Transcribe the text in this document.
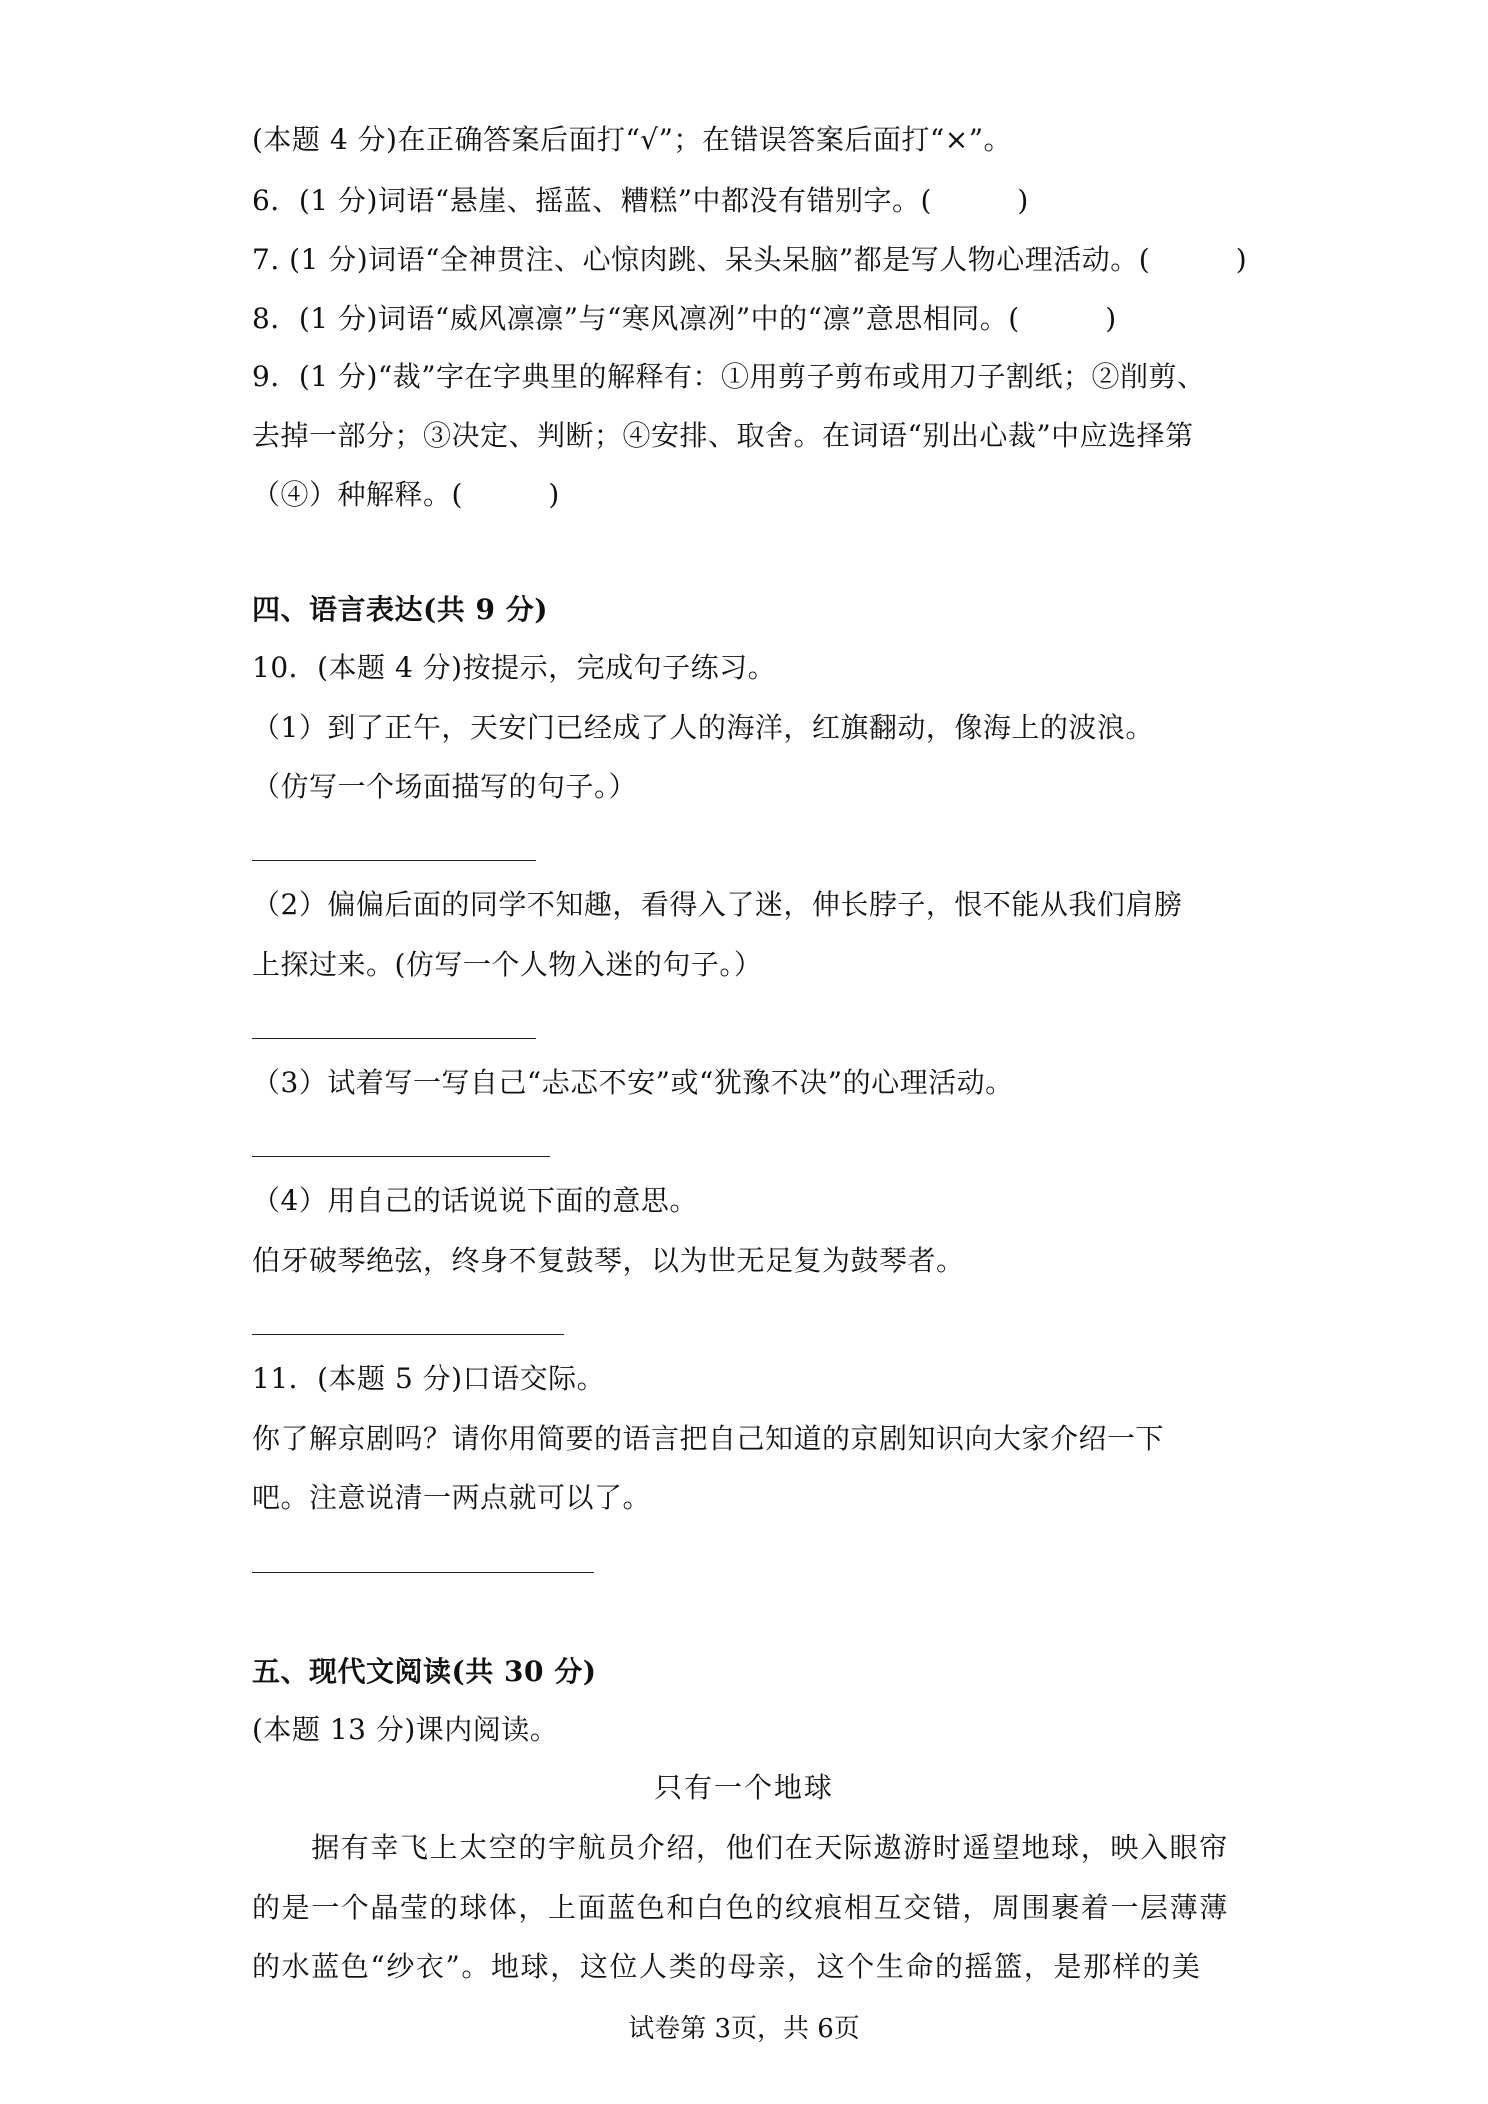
(本题 4 分)在正确答案后面打“√”；在错误答案后面打“×”。
6．(1 分)词语“悬崖、摇蓝、糟糕”中都没有错别字。(　　　)
7. (1 分)词语“全神贯注、心惊肉跳、呆头呆脑”都是写人物心理活动。(　　　)
8．(1 分)词语“威风凛凛”与“寒风凛冽”中的“凛”意思相同。(　　　)
9．(1 分)“裁”字在字典里的解释有：①用剪子剪布或用刀子割纸；②削剪、
去掉一部分；③决定、判断；④安排、取舍。在词语“别出心裁”中应选择第
（④）种解释。(　　　)
四、语言表达(共 9 分)
10．(本题 4 分)按提示，完成句子练习。
（1）到了正午，天安门已经成了人的海洋，红旗翻动，像海上的波浪。
（仿写一个场面描写的句子。）
（2）偏偏后面的同学不知趣，看得入了迷，伸长脖子，恨不能从我们肩膀
上探过来。(仿写一个人物入迷的句子。）
（3）试着写一写自己“忐忑不安”或“犹豫不决”的心理活动。
（4）用自己的话说说下面的意思。
伯牙破琴绝弦，终身不复鼓琴，以为世无足复为鼓琴者。
11．(本题 5 分)口语交际。
你了解京剧吗？请你用简要的语言把自己知道的京剧知识向大家介绍一下
吧。注意说清一两点就可以了。
五、现代文阅读(共 30 分)
(本题 13 分)课内阅读。
只有一个地球
　　据有幸飞上太空的宇航员介绍，他们在天际遨游时遥望地球，映入眼帘
的是一个晶莹的球体，上面蓝色和白色的纹痕相互交错，周围裹着一层薄薄
的水蓝色“纱衣”。地球，这位人类的母亲，这个生命的摇篮，是那样的美
试卷第 3页，共 6页
